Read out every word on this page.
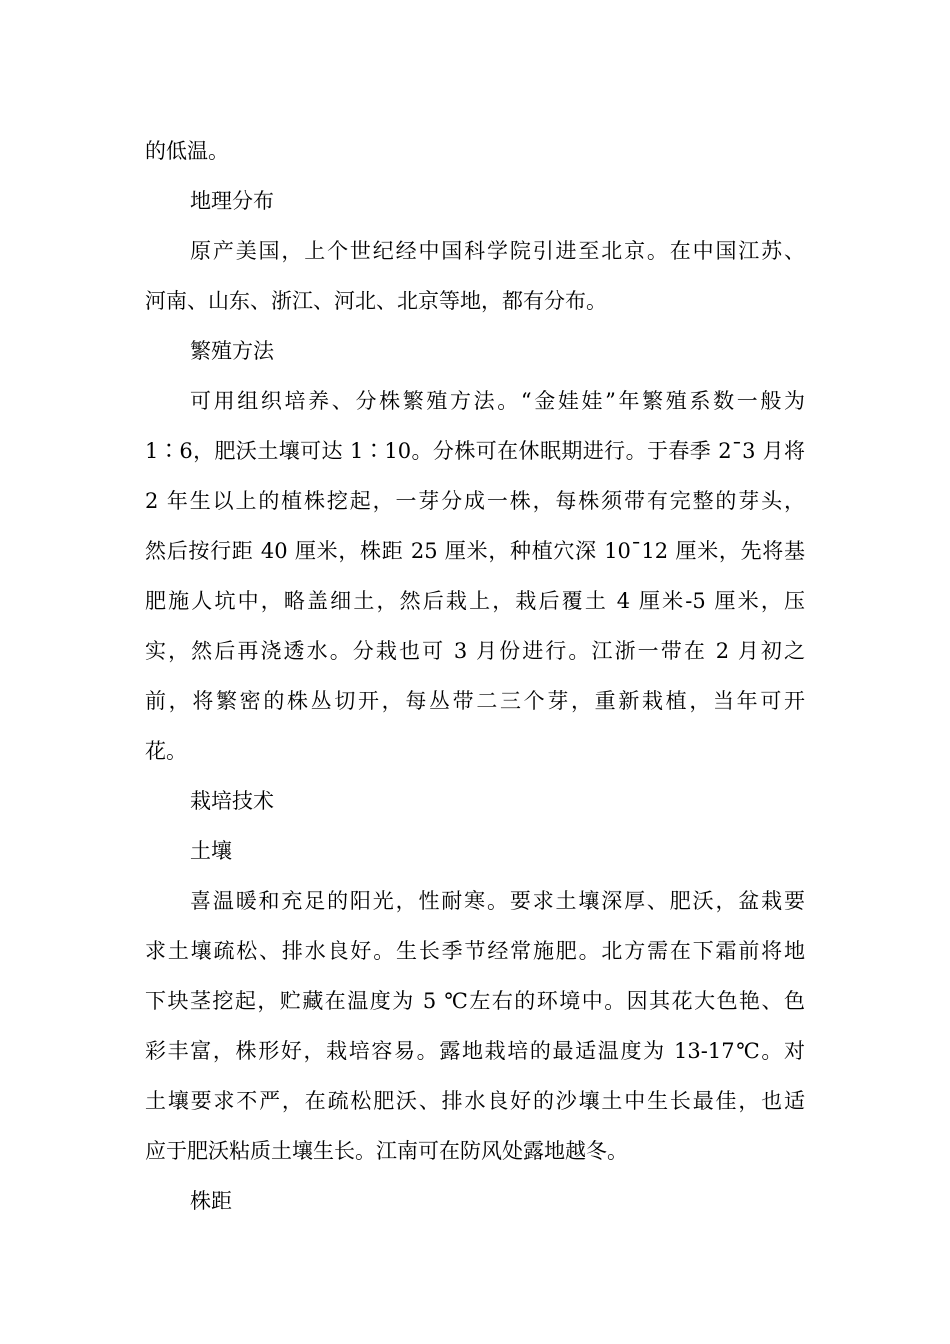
的低温。
地理分布
原产美国，上个世纪经中国科学院引进至北京。在中国江苏、
河南、山东、浙江、河北、北京等地，都有分布。
繁殖方法
可用组织培养、分株繁殖方法。“金娃娃”年繁殖系数一般为
1∶6，肥沃土壤可达 1∶10。分株可在休眠期进行。于春季 2¯3 月将
2 年生以上的植株挖起，一芽分成一株，每株须带有完整的芽头，
然后按行距 40 厘米，株距 25 厘米，种植穴深 10¯12 厘米，先将基
肥施人坑中，略盖细土，然后栽上，栽后覆土 4 厘米-5 厘米，压
实，然后再浇透水。分栽也可 3 月份进行。江浙一带在 2 月初之
前，将繁密的株丛切开，每丛带二三个芽，重新栽植，当年可开
花。
栽培技术
土壤
喜温暖和充足的阳光，性耐寒。要求土壤深厚、肥沃，盆栽要
求土壤疏松、排水良好。生长季节经常施肥。北方需在下霜前将地
下块茎挖起，贮藏在温度为 5 ℃左右的环境中。因其花大色艳、色
彩丰富，株形好，栽培容易。露地栽培的最适温度为 13-17℃。对
土壤要求不严，在疏松肥沃、排水良好的沙壤土中生长最佳，也适
应于肥沃粘质土壤生长。江南可在防风处露地越冬。
株距
